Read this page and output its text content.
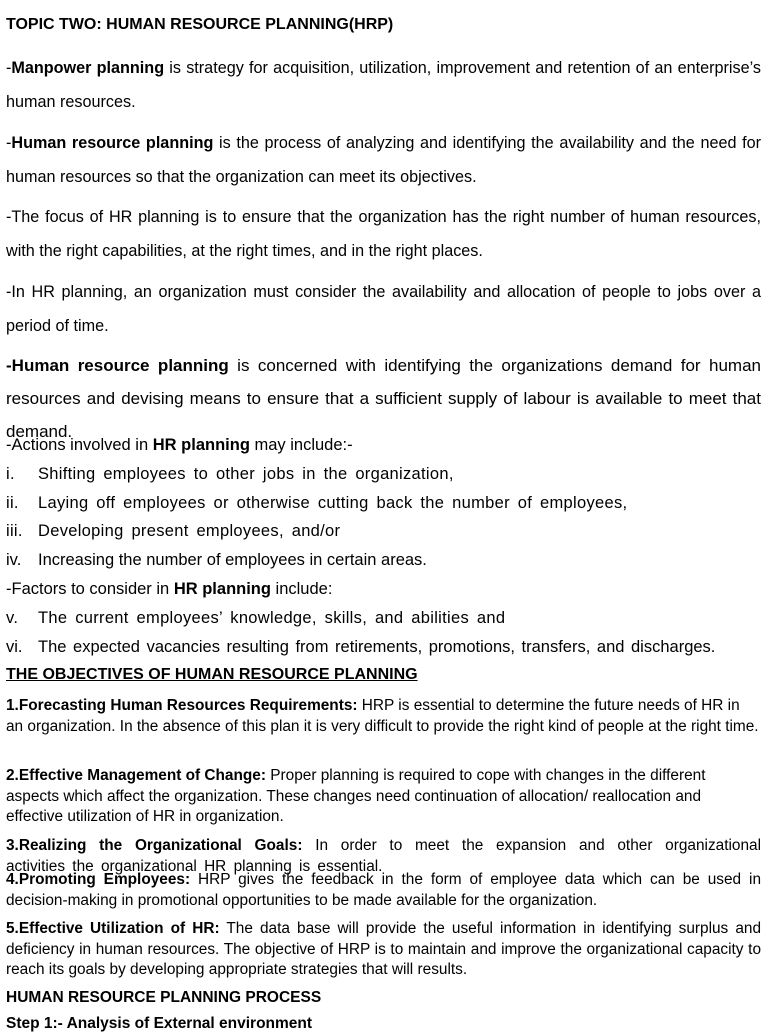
TOPIC TWO: HUMAN RESOURCE PLANNING(HRP)

-Manpower planning is strategy for acquisition, utilization, improvement and retention of an enterprise’s human resources.

-Human resource planning is the process of analyzing and identifying the availability and the need for human resources so that the organization can meet its objectives.

-The focus of HR planning is to ensure that the organization has the right number of human resources, with the right capabilities, at the right times, and in the right places.

-In HR planning, an organization must consider the availability and allocation of people to jobs over a period of time.

-Human resource planning is concerned with identifying the organizations demand for human resources and devising means to ensure that a sufficient supply of labour is available to meet that demand.
-Actions involved in HR planning may include:-
i.	Shifting employees to other jobs in the organization,
ii.	Laying off employees or otherwise cutting back the number of employees,
iii. Developing present employees, and/or
iv.	Increasing the number of employees in certain areas.
-Factors to consider in HR planning include:
v.	The current employees’ knowledge, skills, and abilities and
vi. The expected vacancies resulting from retirements, promotions, transfers, and discharges.
THE OBJECTIVES OF HUMAN RESOURCE PLANNING
1.Forecasting Human Resources Requirements: HRP is essential to determine the future needs of HR in an organization. In the absence of this plan it is very difficult to provide the right kind of people at the right time.
2.Effective Management of Change: Proper planning is required to cope with changes in the different aspects which affect the organization. These changes need continuation of allocation/ reallocation and effective utilization of HR in organization.
3.Realizing the Organizational Goals: In order to meet the expansion and other organizational activities the organizational HR planning is essential.
4.Promoting Employees: HRP gives the feedback in the form of employee data which can be used in decision-making in promotional opportunities to be made available for the organization.
5.Effective Utilization of HR: The data base will provide the useful information in identifying surplus and deficiency in human resources. The objective of HRP is to maintain and improve the organizational capacity to reach its goals by developing appropriate strategies that will results.
HUMAN RESOURCE PLANNING PROCESS
Step 1:- Analysis of External environment
